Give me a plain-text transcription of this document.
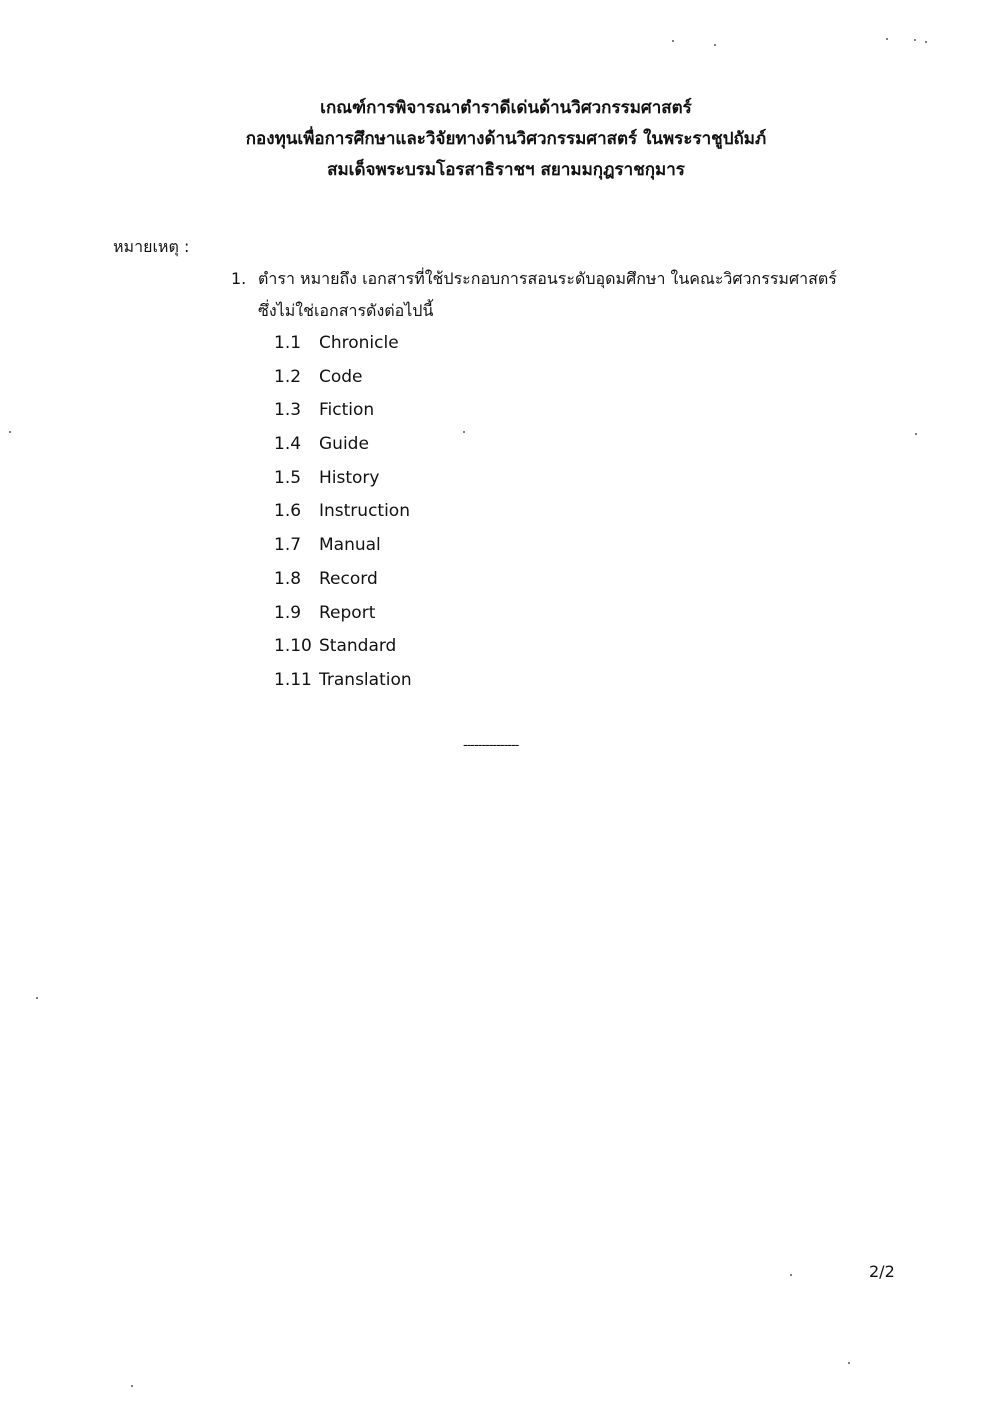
เกณฑ์การพิจารณาตำราดีเด่นด้านวิศวกรรมศาสตร์
กองทุนเพื่อการศึกษาและวิจัยทางด้านวิศวกรรมศาสตร์ ในพระราชูปถัมภ์
สมเด็จพระบรมโอรสาธิราชฯ สยามมกุฎราชกุมาร
หมายเหตุ :
1. ตำรา หมายถึง เอกสารที่ใช้ประกอบการสอนระดับอุดมศึกษา ในคณะวิศวกรรมศาสตร์
ซึ่งไม่ใช่เอกสารดังต่อไปนี้
1.1 Chronicle
1.2 Code
1.3 Fiction
1.4 Guide
1.5 History
1.6 Instruction
1.7 Manual
1.8 Record
1.9 Report
1.10 Standard
1.11 Translation
---------------
2/2
